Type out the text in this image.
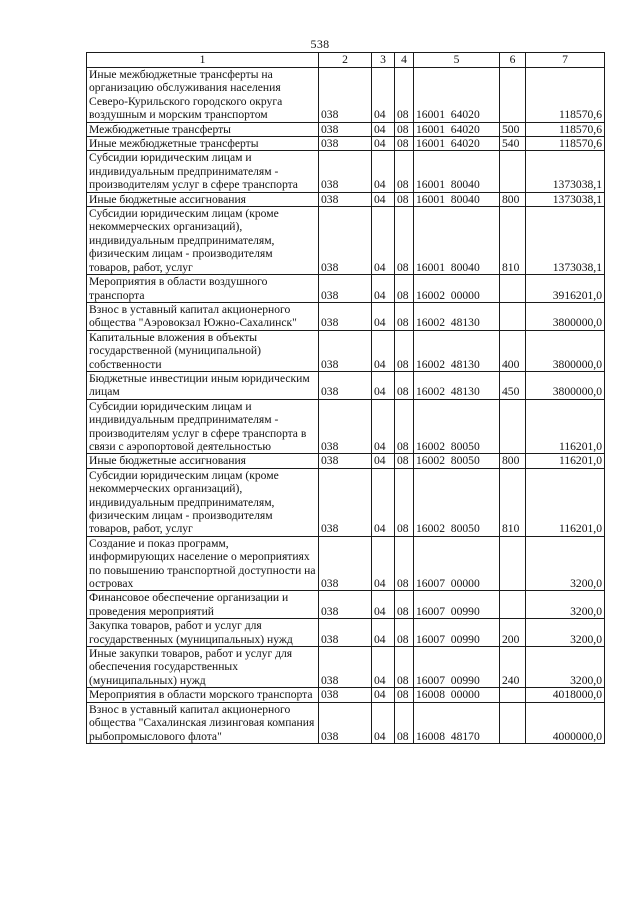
538
1	2	3	4	5	6	7
Иные межбюджетные трансферты на организацию обслуживания населения Северо-Курильского городского округа воздушным и морским транспортом	038	04	08	16001  64020		118570,6
Межбюджетные трансферты	038	04	08	16001  64020	500	118570,6
Иные межбюджетные трансферты	038	04	08	16001  64020	540	118570,6
Субсидии юридическим лицам и индивидуальным предпринимателям - производителям услуг в сфере транспорта	038	04	08	16001  80040		1373038,1
Иные бюджетные ассигнования	038	04	08	16001  80040	800	1373038,1
Субсидии юридическим лицам (кроме некоммерческих организаций), индивидуальным предпринимателям, физическим лицам - производителям товаров, работ, услуг	038	04	08	16001  80040	810	1373038,1
Мероприятия в области воздушного транспорта	038	04	08	16002  00000		3916201,0
Взнос в уставный капитал акционерного общества "Аэровокзал Южно-Сахалинск"	038	04	08	16002  48130		3800000,0
Капитальные вложения в объекты государственной (муниципальной) собственности	038	04	08	16002  48130	400	3800000,0
Бюджетные инвестиции иным юридическим лицам	038	04	08	16002  48130	450	3800000,0
Субсидии юридическим лицам и индивидуальным предпринимателям - производителям услуг в сфере транспорта в связи с аэропортовой деятельностью	038	04	08	16002  80050		116201,0
Иные бюджетные ассигнования	038	04	08	16002  80050	800	116201,0
Субсидии юридическим лицам (кроме некоммерческих организаций), индивидуальным предпринимателям, физическим лицам - производителям товаров, работ, услуг	038	04	08	16002  80050	810	116201,0
Создание и показ программ, информирующих население о мероприятиях по повышению транспортной доступности на островах	038	04	08	16007  00000		3200,0
Финансовое обеспечение организации и проведения мероприятий	038	04	08	16007  00990		3200,0
Закупка товаров, работ и услуг для государственных (муниципальных) нужд	038	04	08	16007  00990	200	3200,0
Иные закупки товаров, работ и услуг для обеспечения государственных (муниципальных) нужд	038	04	08	16007  00990	240	3200,0
Мероприятия в области морского транспорта	038	04	08	16008  00000		4018000,0
Взнос в уставный капитал акционерного общества "Сахалинская лизинговая компания рыбопромыслового флота"	038	04	08	16008  48170		4000000,0
